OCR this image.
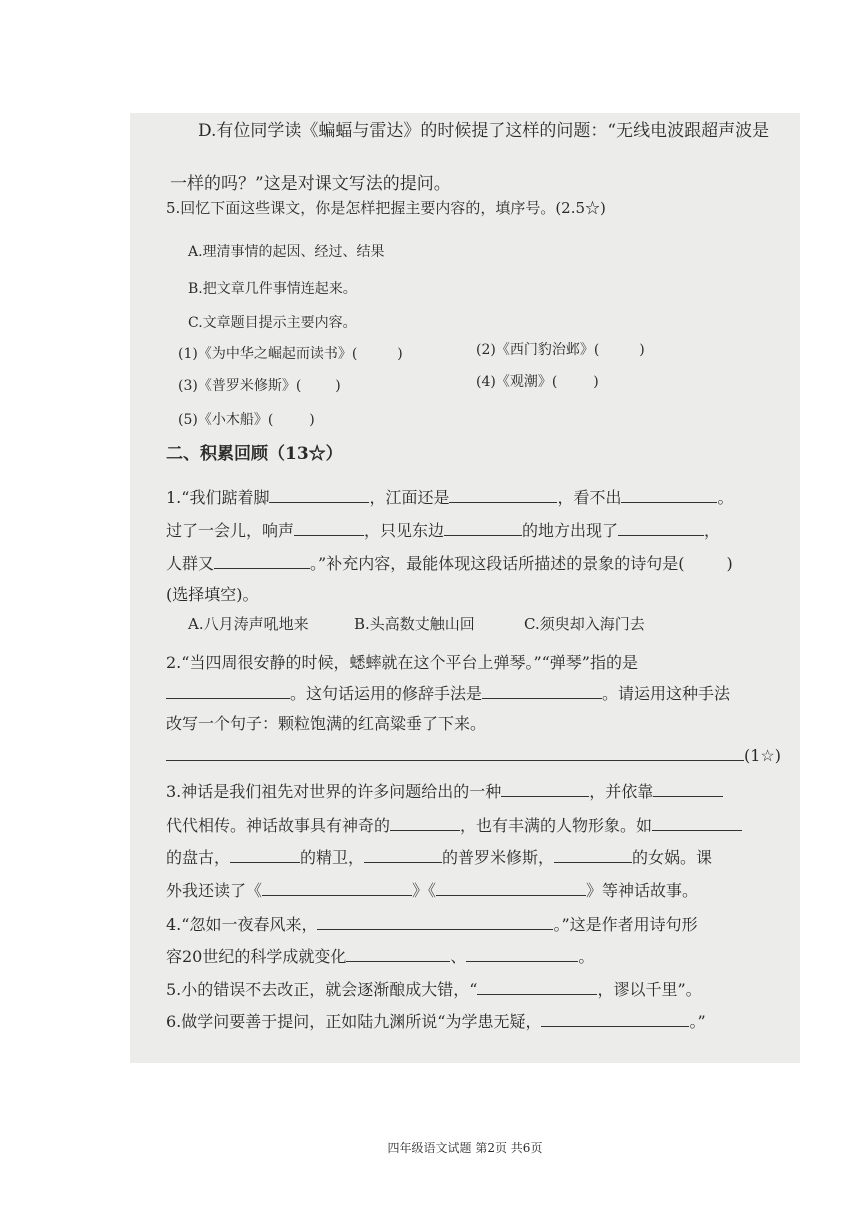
D.有位同学读《蝙蝠与雷达》的时候提了这样的问题：“无线电波跟超声波是
一样的吗？”这是对课文写法的提问。
5.回忆下面这些课文，你是怎样把握主要内容的，填序号。(2.5☆)
A.理清事情的起因、经过、结果
B.把文章几件事情连起来。
C.文章题目提示主要内容。
(1)《为中华之崛起而读书》(	)	(2)《西门豹治邺》(	)
(3)《普罗米修斯》( )	(4)《观潮》(	)
(5)《小木船》(	)
二、积累回顾（13☆）
1.“我们踮着脚	，江面还是	，看不出	。
过了一会儿，响声	，只见东边	的地方出现了	，
人群又	。”补充内容，最能体现这段话所描述的景象的诗句是(	)
(选择填空)。
A.八月涛声吼地来	B.头高数丈触山回	C.须臾却入海门去
2.“当四周很安静的时候，蟋蟀就在这个平台上弹琴。”“弹琴”指的是
。这句话运用的修辞手法是	。请运用这种手法
改写一个句子：颗粒饱满的红高粱垂了下来。
(1☆)
3.神话是我们祖先对世界的许多问题给出的一种	，并依靠
代代相传。神话故事具有神奇的	，也有丰满的人物形象。如
的盘古，	的精卫，	的普罗米修斯，	的女娲。课
外我还读了《	》《	》等神话故事。
4.“忽如一夜春风来，	。”这是作者用诗句形
容20世纪的科学成就变化	、	。
5.小的错误不去改正，就会逐渐酿成大错，“	，谬以千里”。
6.做学问要善于提问，正如陆九渊所说“为学患无疑，	。”
四年级语文试题 第2页 共6页
